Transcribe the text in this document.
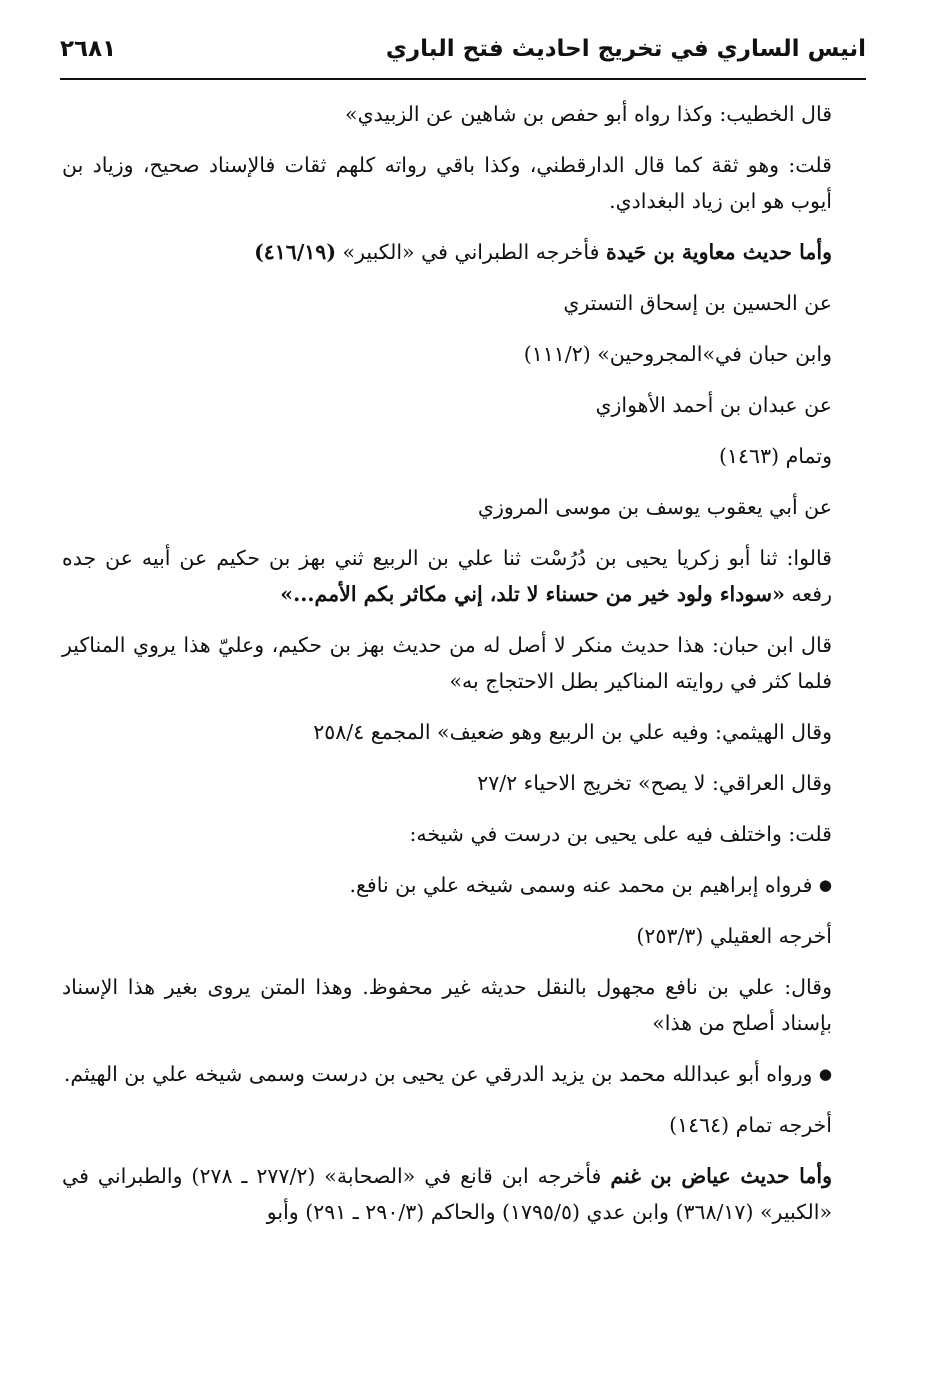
انيس الساري في تخريج احاديث فتح الباري
٢٦٨١

قال الخطيب: وكذا رواه أبو حفص بن شاهين عن الزبيدي»

قلت: وهو ثقة كما قال الدارقطني، وكذا باقي رواته كلهم ثقات فالإسناد صحيح، وزياد بن أيوب هو ابن زياد البغدادي.

وأما حديث معاوية بن حَيدة فأخرجه الطبراني في «الكبير» (٤١٦/١٩)

عن الحسين بن إسحاق التستري

وابن حبان في»المجروحين» (١١١/٢)

عن عبدان بن أحمد الأهوازي

وتمام (١٤٦٣)

عن أبي يعقوب يوسف بن موسى المروزي

قالوا: ثنا أبو زكريا يحيى بن دُرُسْت ثنا علي بن الربيع ثني بهز بن حكيم عن أبيه عن جده رفعه «سوداء ولود خير من حسناء لا تلد، إني مكاثر بكم الأمم...»

قال ابن حبان: هذا حديث منكر لا أصل له من حديث بهز بن حكيم، وعليّ هذا يروي المناكير فلما كثر في روايته المناكير بطل الاحتجاج به»

وقال الهيثمي: وفيه علي بن الربيع وهو ضعيف» المجمع ٢٥٨/٤

وقال العراقي: لا يصح» تخريج الاحياء ٢٧/٢

قلت: واختلف فيه على يحيى بن درست في شيخه:

● فرواه إبراهيم بن محمد عنه وسمى شيخه علي بن نافع.

أخرجه العقيلي (٢٥٣/٣)

وقال: علي بن نافع مجهول بالنقل حديثه غير محفوظ. وهذا المتن يروى بغير هذا الإسناد بإسناد أصلح من هذا»

● ورواه أبو عبدالله محمد بن يزيد الدرقي عن يحيى بن درست وسمى شيخه علي بن الهيثم.

أخرجه تمام (١٤٦٤)

وأما حديث عياض بن غنم فأخرجه ابن قانع في «الصحابة» (٢٧٧/٢ ـ ٢٧٨) والطبراني في «الكبير» (٣٦٨/١٧) وابن عدي (١٧٩٥/٥) والحاكم (٢٩٠/٣ ـ ٢٩١) وأبو
